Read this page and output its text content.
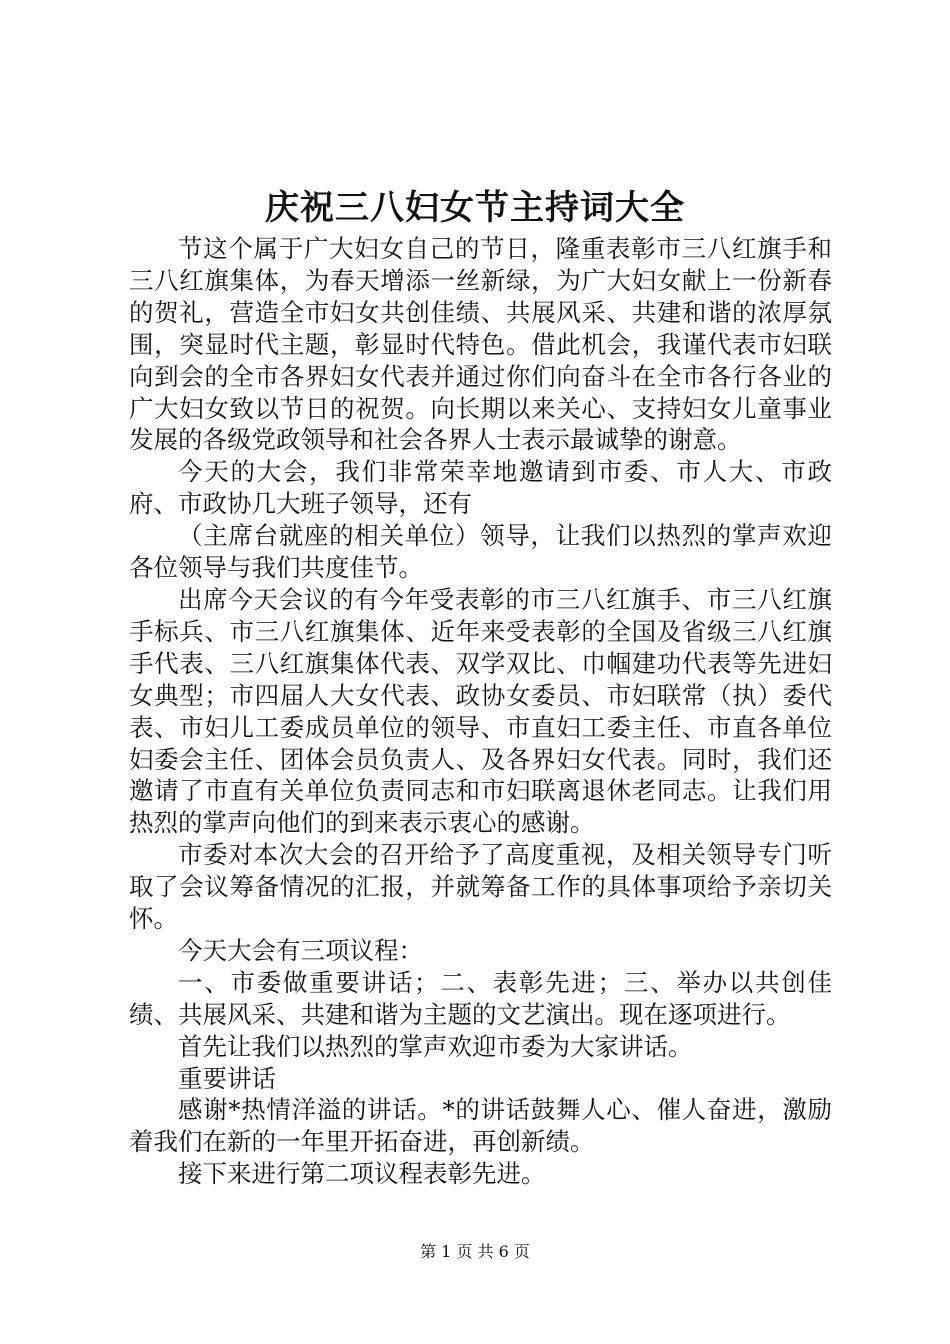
庆祝三八妇女节主持词大全

节这个属于广大妇女自己的节日，隆重表彰市三八红旗手和三八红旗集体，为春天增添一丝新绿，为广大妇女献上一份新春的贺礼，营造全市妇女共创佳绩、共展风采、共建和谐的浓厚氛围，突显时代主题，彰显时代特色。借此机会，我谨代表市妇联向到会的全市各界妇女代表并通过你们向奋斗在全市各行各业的广大妇女致以节日的祝贺。向长期以来关心、支持妇女儿童事业发展的各级党政领导和社会各界人士表示最诚挚的谢意。

今天的大会，我们非常荣幸地邀请到市委、市人大、市政府、市政协几大班子领导，还有

（主席台就座的相关单位）领导，让我们以热烈的掌声欢迎各位领导与我们共度佳节。

出席今天会议的有今年受表彰的市三八红旗手、市三八红旗手标兵、市三八红旗集体、近年来受表彰的全国及省级三八红旗手代表、三八红旗集体代表、双学双比、巾帼建功代表等先进妇女典型；市四届人大女代表、政协女委员、市妇联常（执）委代表、市妇儿工委成员单位的领导、市直妇工委主任、市直各单位妇委会主任、团体会员负责人、及各界妇女代表。同时，我们还邀请了市直有关单位负责同志和市妇联离退休老同志。让我们用热烈的掌声向他们的到来表示衷心的感谢。

市委对本次大会的召开给予了高度重视，及相关领导专门听取了会议筹备情况的汇报，并就筹备工作的具体事项给予亲切关怀。

今天大会有三项议程：

一、市委做重要讲话；二、表彰先进；三、举办以共创佳绩、共展风采、共建和谐为主题的文艺演出。现在逐项进行。

首先让我们以热烈的掌声欢迎市委为大家讲话。

重要讲话

感谢*热情洋溢的讲话。*的讲话鼓舞人心、催人奋进，激励着我们在新的一年里开拓奋进，再创新绩。

接下来进行第二项议程表彰先进。

第 1 页 共 6 页
